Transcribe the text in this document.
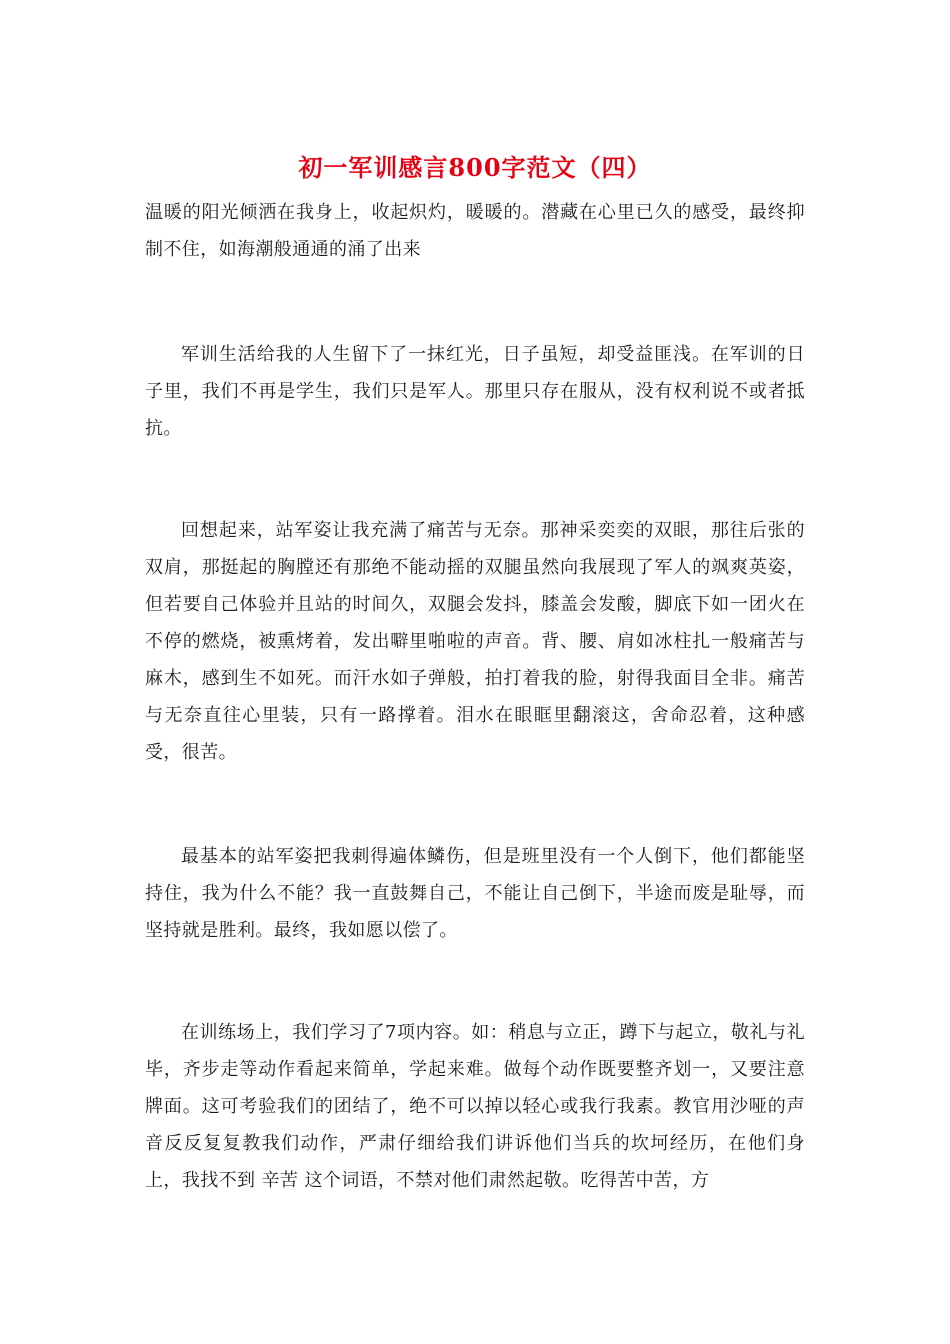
初一军训感言800字范文（四）

温暖的阳光倾洒在我身上，收起炽灼，暖暖的。潜藏在心里已久的感受，最终抑制不住，如海潮般通通的涌了出来

军训生活给我的人生留下了一抹红光，日子虽短，却受益匪浅。在军训的日子里，我们不再是学生，我们只是军人。那里只存在服从，没有权利说不或者抵抗。

回想起来，站军姿让我充满了痛苦与无奈。那神采奕奕的双眼，那往后张的双肩，那挺起的胸膛还有那绝不能动摇的双腿虽然向我展现了军人的飒爽英姿，但若要自己体验并且站的时间久，双腿会发抖，膝盖会发酸，脚底下如一团火在不停的燃烧，被熏烤着，发出噼里啪啦的声音。背、腰、肩如冰柱扎一般痛苦与麻木，感到生不如死。而汗水如子弹般，拍打着我的脸，射得我面目全非。痛苦与无奈直往心里装，只有一路撑着。泪水在眼眶里翻滚这，舍命忍着，这种感受，很苦。

最基本的站军姿把我刺得遍体鳞伤，但是班里没有一个人倒下，他们都能坚持住，我为什么不能？我一直鼓舞自己，不能让自己倒下，半途而废是耻辱，而坚持就是胜利。最终，我如愿以偿了。

在训练场上，我们学习了7项内容。如：稍息与立正，蹲下与起立，敬礼与礼毕，齐步走等动作看起来简单，学起来难。做每个动作既要整齐划一，又要注意牌面。这可考验我们的团结了，绝不可以掉以轻心或我行我素。教官用沙哑的声音反反复复教我们动作，严肃仔细给我们讲诉他们当兵的坎坷经历，在他们身上，我找不到 辛苦 这个词语，不禁对他们肃然起敬。吃得苦中苦，方
